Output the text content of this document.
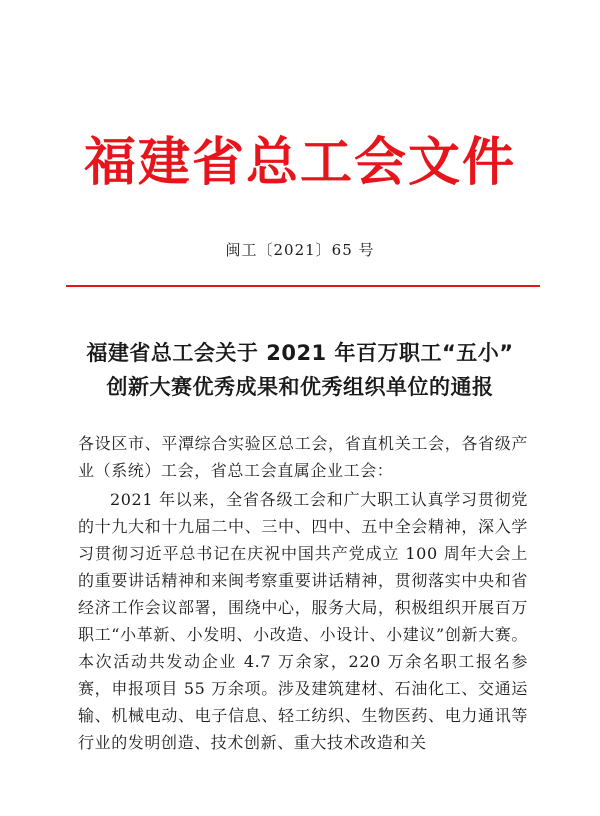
福建省总工会文件
闽工〔2021〕65 号
福建省总工会关于 2021 年百万职工“五小”
创新大赛优秀成果和优秀组织单位的通报
各设区市、平潭综合实验区总工会，省直机关工会，各省级产业（系统）工会，省总工会直属企业工会：
2021 年以来，全省各级工会和广大职工认真学习贯彻党的十九大和十九届二中、三中、四中、五中全会精神，深入学习贯彻习近平总书记在庆祝中国共产党成立 100 周年大会上的重要讲话精神和来闽考察重要讲话精神，贯彻落实中央和省经济工作会议部署，围绕中心，服务大局，积极组织开展百万职工“小革新、小发明、小改造、小设计、小建议”创新大赛。本次活动共发动企业 4.7 万余家，220 万余名职工报名参赛，申报项目 55 万余项。涉及建筑建材、石油化工、交通运输、机械电动、电子信息、轻工纺织、生物医药、电力通讯等行业的发明创造、技术创新、重大技术改造和关
